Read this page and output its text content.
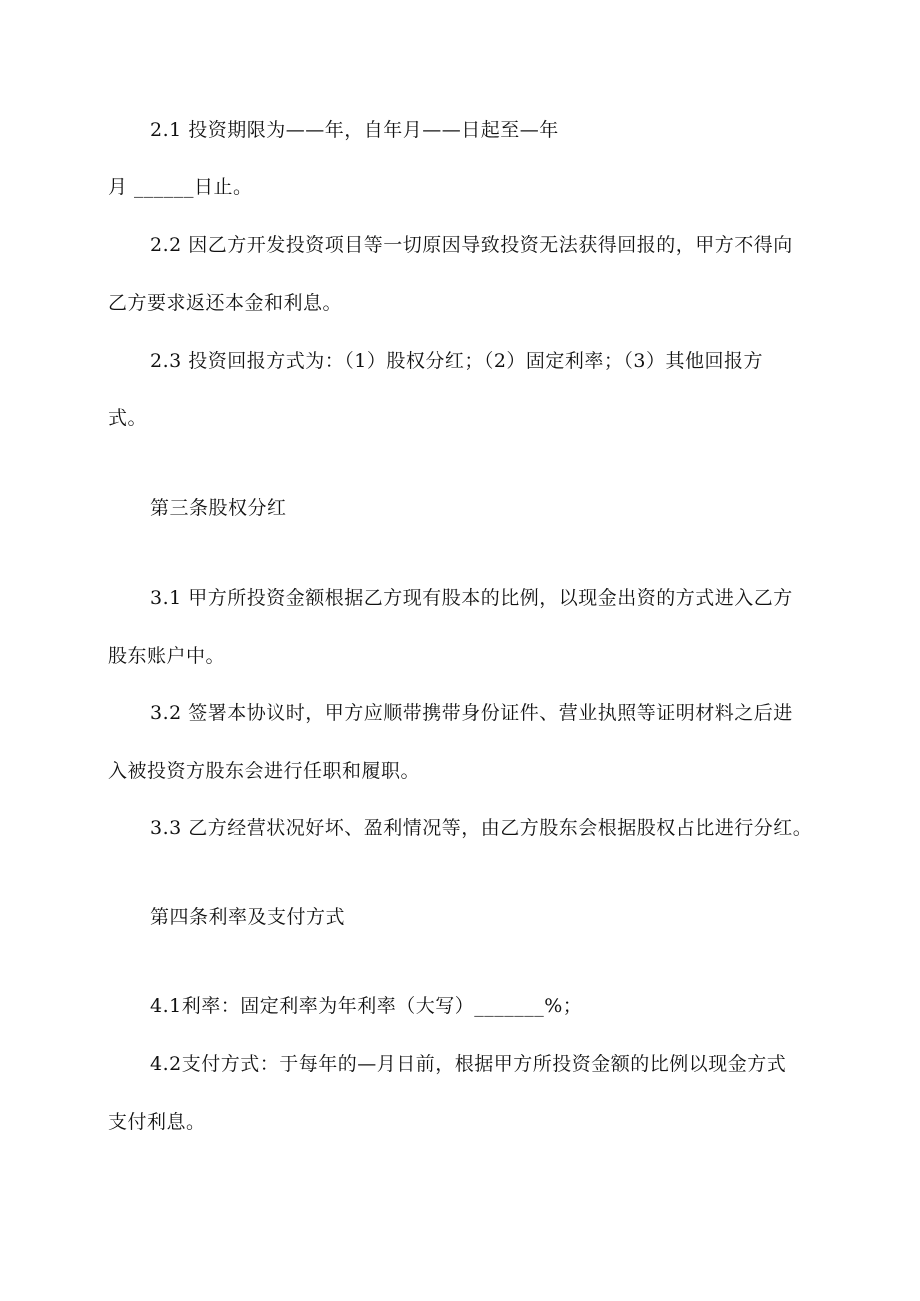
2.1 投资期限为——年，自年月——日起至—年
月 ______日止。
2.2 因乙方开发投资项目等一切原因导致投资无法获得回报的，甲方不得向
乙方要求返还本金和利息。
2.3 投资回报方式为：（1）股权分红；（2）固定利率；（3）其他回报方
式。
第三条股权分红
3.1 甲方所投资金额根据乙方现有股本的比例，以现金出资的方式进入乙方
股东账户中。
3.2 签署本协议时，甲方应顺带携带身份证件、营业执照等证明材料之后进
入被投资方股东会进行任职和履职。
3.3 乙方经营状况好坏、盈利情况等，由乙方股东会根据股权占比进行分红。
第四条利率及支付方式
4.1利率：固定利率为年利率（大写）_______%；
4.2支付方式：于每年的—月日前，根据甲方所投资金额的比例以现金方式
支付利息。
